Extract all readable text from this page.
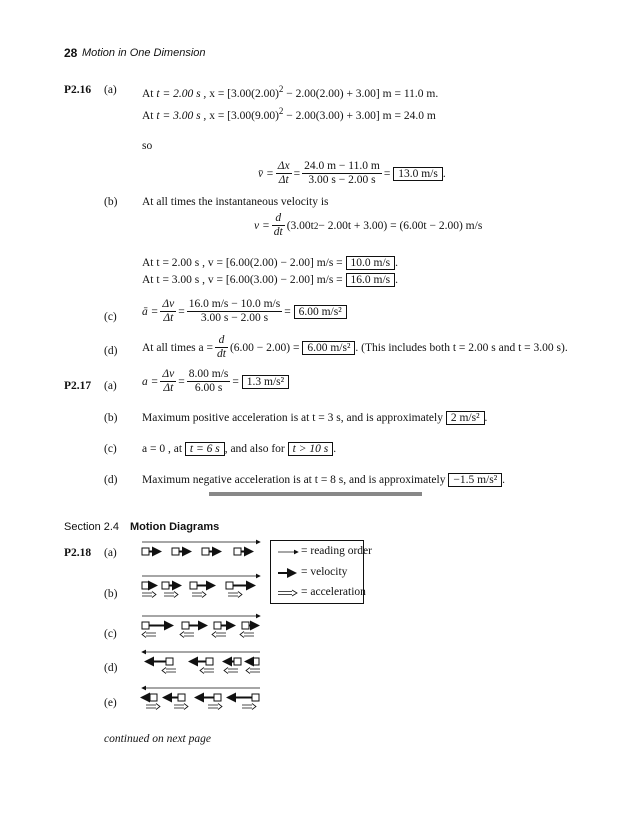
28 Motion in One Dimension
P2.16 (a) At t = 2.00 s , $x = [3.00(2.00)^2 - 2.00(2.00) + 3.00] m = 11.0$ m.
At t = 3.00 s , $x = [3.00(9.00)^2 - 2.00(3.00) + 3.00] m = 24.0$ m
so
v̄ = $\frac{\Delta x}{\Delta t} = \frac{24.0 m - 11.0 m}{3.00 s - 2.00 s}$ =
13.0 m/s .
(b) At all times the instantaneous velocity is
$v = \frac{d}{dt} (3.00t$ 2 − 2.00t + 3.00) = (6.00t − 2.00) m/s
At t = 2.00 s , v = [6.00(2.00) − 2.00] m/s = 10.0 m/s .
At t = 3.00 s , v = [6.00(3.00) − 2.00] m/s = 16.0 m/s .
(c) ā = $\frac{\Delta v}{\Delta t} = \frac{16.0 m/s - 10.0 m/s}{3.00 s - 2.00 s}$ =
6.00 m/s²
(d) At all times $a = \frac{d}{dt} (6.00 - 2.00)$ =
6.00 m/s² . (This includes both t = 2.00 s and t = 3.00 s).
P2.17 (a) $a = \frac{\Delta v}{\Delta t} = \frac{8.00 m/s}{6.00 s}$ =
1.3 m/s²
(b) Maximum positive acceleration is at t = 3 s, and is approximately 2 m/s² .
(c) a = 0 , at t = 6 s , and also for t > 10 s .
(d) Maximum negative acceleration is at t = 8 s, and is approximately −1.5 m/s² .
Section 2.4 Motion Diagrams
P2.18 (a)
(b)
(c)
(d)
(e)
= reading order
= velocity
= acceleration
continued on next page
